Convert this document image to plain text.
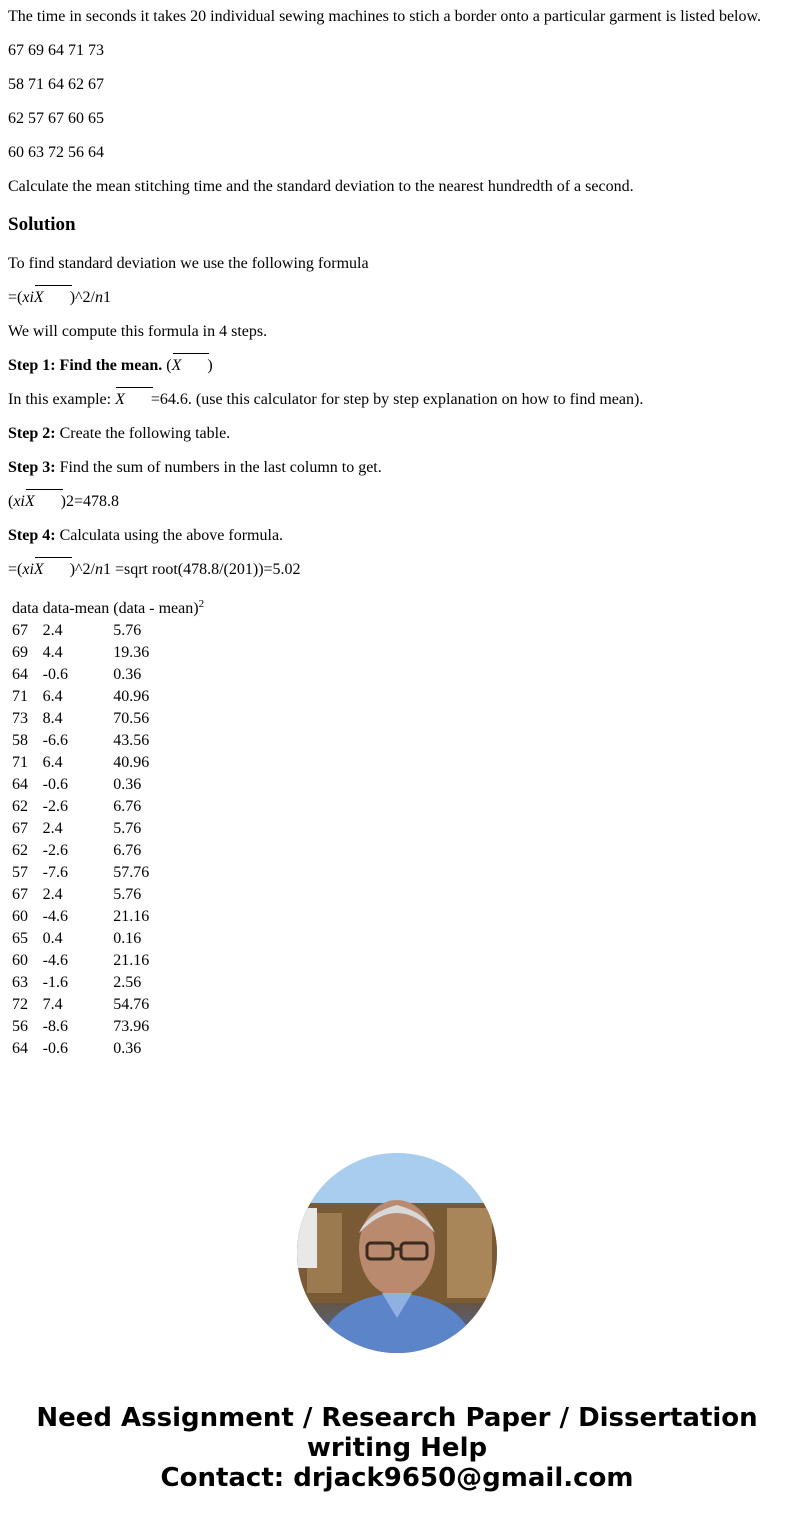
The time in seconds it takes 20 individual sewing machines to stich a border onto a particular garment is listed below.
67 69 64 71 73
58 71 64 62 67
62 57 67 60 65
60 63 72 56 64
Calculate the mean stitching time and the standard deviation to the nearest hundredth of a second.
Solution
To find standard deviation we use the following formula
=(xiX )^2/n1
We will compute this formula in 4 steps.
Step 1: Find the mean. (X )
In this example: X =64.6. (use this calculator for step by step explanation on how to find mean).
Step 2: Create the following table.
Step 3: Find the sum of numbers in the last column to get.
(xiX )2=478.8
Step 4: Calculata using the above formula.
=(xiX )^2/n1 =sqrt root(478.8/(201))=5.02
data	data-mean	(data - mean)$^2$
67	2.4	5.76
69	4.4	19.36
64	-0.6	0.36
71	6.4	40.96
73	8.4	70.56
58	-6.6	43.56
71	6.4	40.96
64	-0.6	0.36
62	-2.6	6.76
67	2.4	5.76
62	-2.6	6.76
57	-7.6	57.76
67	2.4	5.76
60	-4.6	21.16
65	0.4	0.16
60	-4.6	21.16
63	-1.6	2.56
72	7.4	54.76
56	-8.6	73.96
64	-0.6	0.36
Need Assignment / Research Paper / Dissertation
writing Help
Contact: drjack9650@gmail.com
